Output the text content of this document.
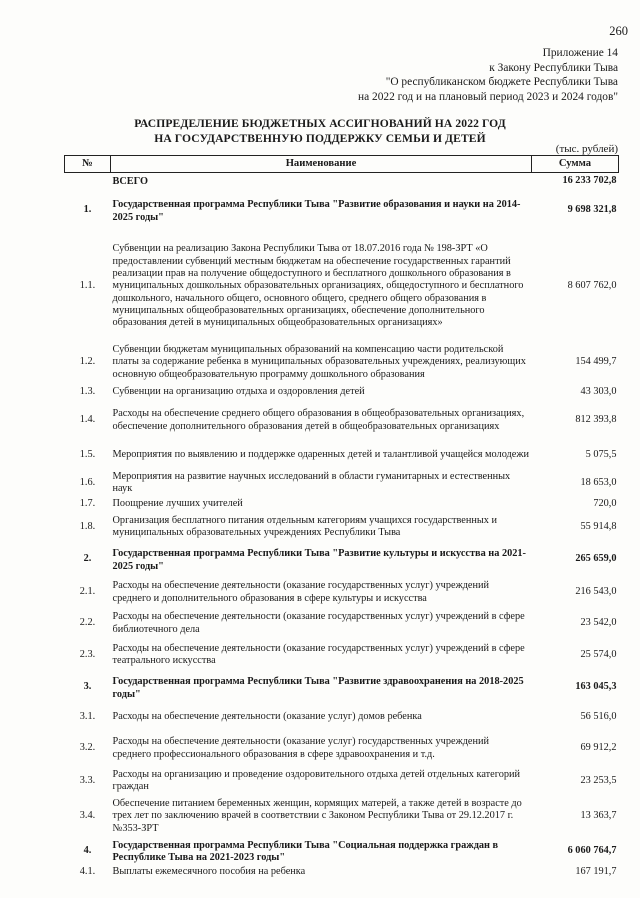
260
Приложение 14
к Закону Республики Тыва
"О республиканском бюджете Республики Тыва
на 2022 год и на плановый период 2023 и 2024 годов"
РАСПРЕДЕЛЕНИЕ БЮДЖЕТНЫХ АССИГНОВАНИЙ НА 2022 ГОД
НА ГОСУДАРСТВЕННУЮ ПОДДЕРЖКУ СЕМЬИ И ДЕТЕЙ
(тыс. рублей)
№	Наименование	Сумма
	ВСЕГО	16 233 702,8
1.	Государственная программа Республики Тыва "Развитие образования и науки на 2014-2025 годы"	9 698 321,8
1.1.	Субвенции на реализацию Закона Республики Тыва от 18.07.2016 года № 198-ЗРТ «О предоставлении субвенций местным бюджетам на обеспечение государственных гарантий реализации прав на получение общедоступного и бесплатного дошкольного образования в муниципальных дошкольных образовательных организациях, общедоступного и бесплатного дошкольного, начального общего, основного общего, среднего общего образования в муниципальных общеобразовательных организациях, обеспечение дополнительного образования детей в муниципальных общеобразовательных организациях»	8 607 762,0
1.2.	Субвенции бюджетам муниципальных образований на компенсацию части родительской платы за содержание ребенка в муниципальных образовательных учреждениях, реализующих основную общеобразовательную программу дошкольного образования	154 499,7
1.3.	Субвенции на организацию отдыха и оздоровления детей	43 303,0
1.4.	Расходы на обеспечение среднего общего образования в общеобразовательных организациях, обеспечение дополнительного образования детей в общеобразовательных организациях	812 393,8
1.5.	Мероприятия по выявлению и поддержке одаренных детей и талантливой учащейся молодежи	5 075,5
1.6.	Мероприятия на развитие научных исследований в области гуманитарных и естественных наук	18 653,0
1.7.	Поощрение лучших учителей	720,0
1.8.	Организация бесплатного питания отдельным категориям учащихся государственных и муниципальных образовательных учреждениях Республики Тыва	55 914,8
2.	Государственная программа Республики Тыва "Развитие культуры и искусства на 2021-2025 годы"	265 659,0
2.1.	Расходы на обеспечение деятельности (оказание государственных услуг) учреждений среднего и дополнительного образования в сфере культуры и искусства	216 543,0
2.2.	Расходы на обеспечение деятельности (оказание государственных услуг) учреждений в сфере библиотечного дела	23 542,0
2.3.	Расходы на обеспечение деятельности (оказание государственных услуг) учреждений в сфере театрального искусства	25 574,0
3.	Государственная программа Республики Тыва "Развитие здравоохранения на 2018-2025 годы"	163 045,3
3.1.	Расходы на обеспечение деятельности (оказание услуг) домов ребенка	56 516,0
3.2.	Расходы на обеспечение деятельности (оказание услуг) государственных учреждений среднего профессионального образования в сфере здравоохранения и т.д.	69 912,2
3.3.	Расходы на организацию и проведение оздоровительного отдыха детей отдельных категорий граждан	23 253,5
3.4.	Обеспечение питанием беременных женщин, кормящих матерей, а также детей в возрасте до трех лет по заключению врачей в соответствии с Законом Республики Тыва от 29.12.2017 г. №353-ЗРТ	13 363,7
4.	Государственная программа Республики Тыва "Социальная поддержка граждан в Республике Тыва на 2021-2023 годы"	6 060 764,7
4.1.	Выплаты ежемесячного пособия на ребенка	167 191,7
